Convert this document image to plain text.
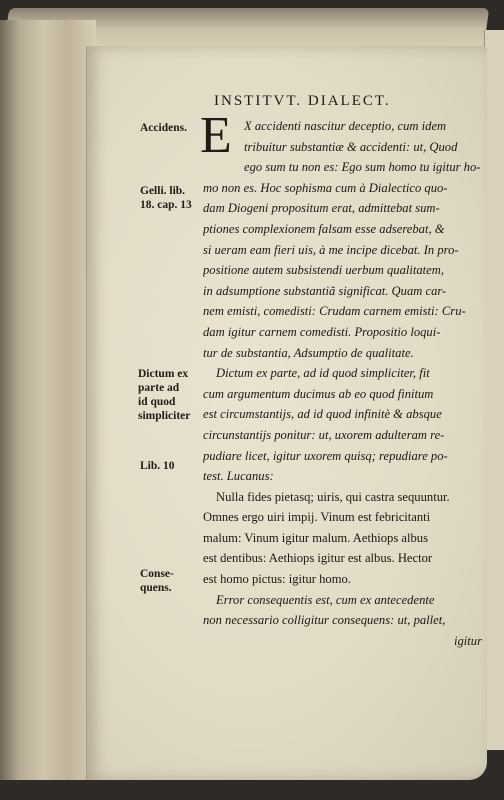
INSTITVT. DIALECT.
Accidens.
Gelli. lib.
18. cap. 13
Dictum ex
parte ad
id quod
simpliciter
Lib. 10
Conse-
quens.
E X accidenti nascitur deceptio, cum idem
tribuitur substantiæ & accidenti: ut, Quod
ego sum tu non es: Ego sum homo tu igitur ho-
mo non es. Hoc sophisma cum à Dialectico quo-
dam Diogeni propositum erat, admittebat sum-
ptiones complexionem falsam esse adserebat, &
si ueram eam fieri uis, à me incipe dicebat. In pro-
positione autem subsistendi uerbum qualitatem,
in adsumptione substantiã significat. Quam car-
nem emisti, comedisti: Crudam carnem emisti: Cru-
dam igitur carnem comedisti. Propositio loqui-
tur de substantia, Adsumptio de qualitate.
Dictum ex parte, ad id quod simpliciter, fit
cum argumentum ducimus ab eo quod finitum
est circumstantijs, ad id quod infinitè & absque
circunstantijs ponitur: ut, uxorem adulteram re-
pudiare licet, igitur uxorem quisq; repudiare po-
test. Lucanus:
Nulla fides pietasq; uiris, qui castra sequuntur.
Omnes ergo uiri impij. Vinum est febricitanti
malum: Vinum igitur malum. Aethiops albus
est dentibus: Aethiops igitur est albus. Hector
est homo pictus: igitur homo.
Error consequentis est, cum ex antecedente
non necessario colligitur consequens: ut, pallet,
igitur
